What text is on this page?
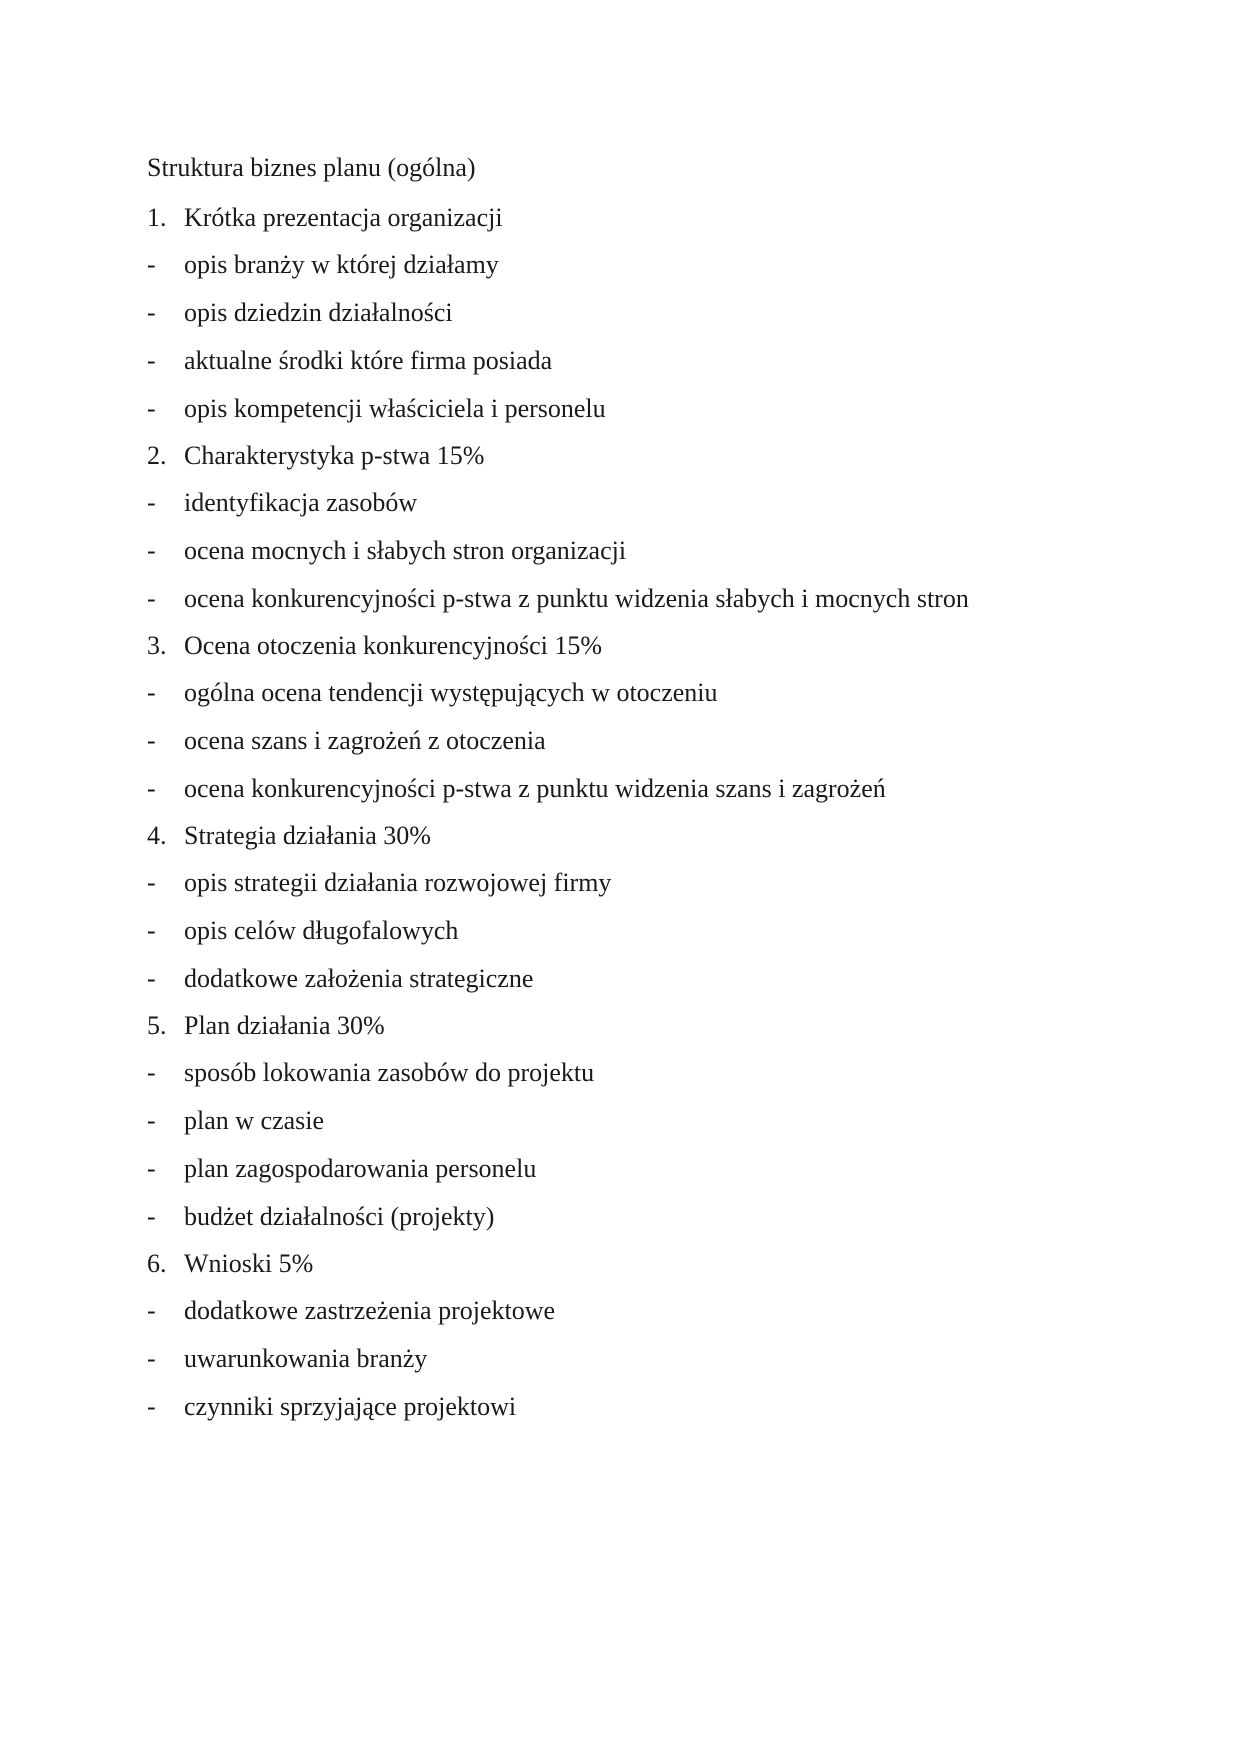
Struktura biznes planu (ogólna)
1. Krótka prezentacja organizacji
-	opis branży w której działamy
-	opis dziedzin działalności
-	aktualne środki które firma posiada
-	opis kompetencji właściciela i personelu
2. Charakterystyka p-stwa 15%
-	identyfikacja zasobów
-	ocena mocnych i słabych stron organizacji
-	ocena konkurencyjności p-stwa z punktu widzenia słabych i mocnych stron
3. Ocena otoczenia konkurencyjności 15%
-	ogólna ocena tendencji występujących w otoczeniu
-	ocena szans i zagrożeń z otoczenia
-	ocena konkurencyjności p-stwa z punktu widzenia szans i zagrożeń
4. Strategia działania 30%
-	opis strategii działania rozwojowej firmy
-	opis celów długofalowych
-	dodatkowe założenia strategiczne
5. Plan działania 30%
-	sposób lokowania zasobów do projektu
-	plan w czasie
-	plan zagospodarowania personelu
-	budżet działalności (projekty)
6. Wnioski 5%
-	dodatkowe zastrzeżenia projektowe
-	uwarunkowania branży
-	czynniki sprzyjające projektowi
